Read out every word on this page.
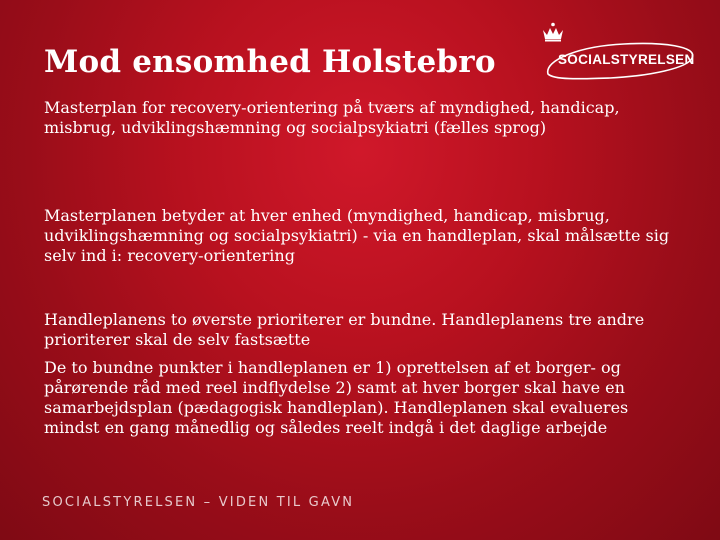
Mod ensomhed Holstebro	SOCIALSTYRELSEN
Masterplan for recovery-orientering på tværs af myndighed, handicap, misbrug, udviklingshæmning og socialpsykiatri (fælles sprog)
Masterplanen betyder at hver enhed (myndighed, handicap, misbrug, udviklingshæmning og socialpsykiatri) - via en handleplan, skal målsætte sig selv ind i: recovery-orientering
Handleplanens to øverste prioriterer er bundne. Handleplanens tre andre prioriterer skal de selv fastsætte
De to bundne punkter i handleplanen er 1) oprettelsen af et borger- og pårørende råd med reel indflydelse 2) samt at hver borger skal have en samarbejdsplan (pædagogisk handleplan). Handleplanen skal evalueres mindst en gang månedlig og således reelt indgå i det daglige arbejde
SOCIALSTYRELSEN – VIDEN TIL GAVN
